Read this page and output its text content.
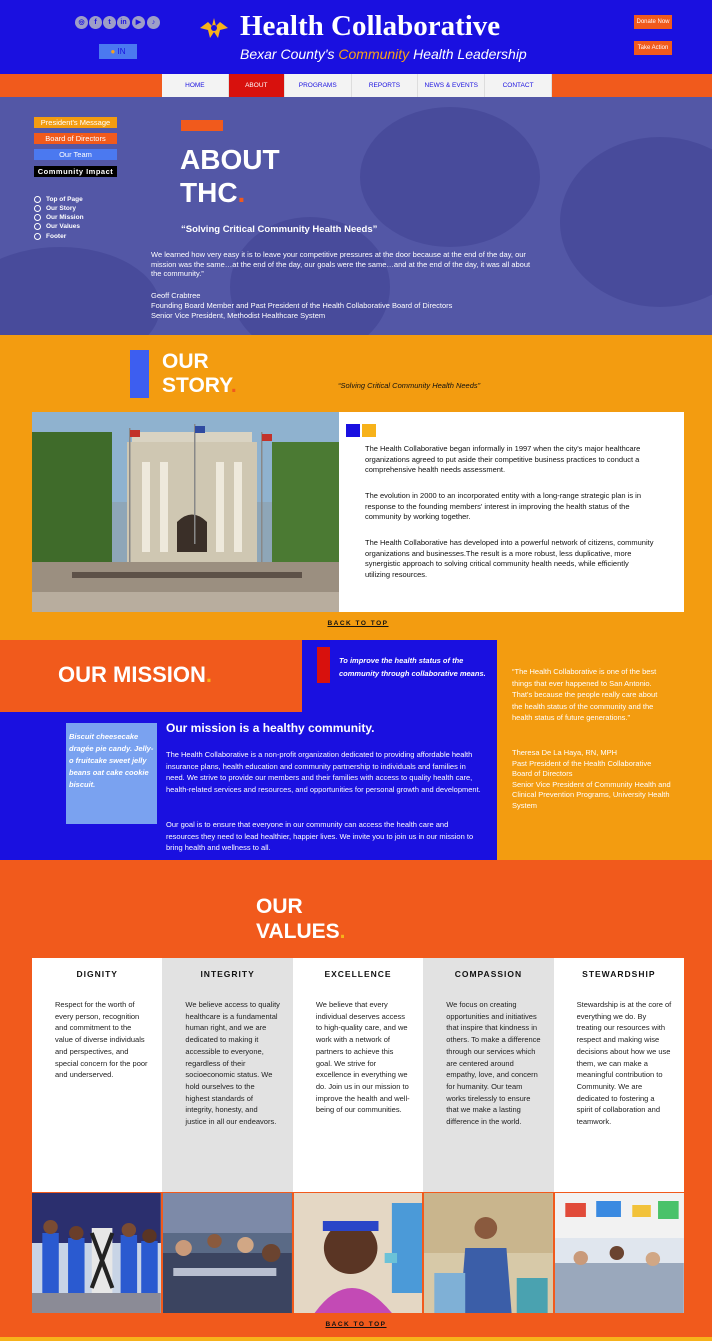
◎	f	t	in	▶	♪
● IN
Health Collaborative
Bexar County's Community Health Leadership
Donate Now
Take Action
HOME	ABOUT	PROGRAMS	REPORTS	NEWS & EVENTS	CONTACT
President's Message
Board of Directors
Our Team
Community Impact
Top of Page
Our Story
Our Mission
Our Values
Footer
ABOUT
THC.
“Solving Critical Community Health Needs”
We learned how very easy it is to leave your competitive pressures at the door because at the end of the day, our mission was the same…at the end of the day, our goals were the same…and at the end of the day, it was all about the community.”
Geoff Crabtree
Founding Board Member and Past President of the Health Collaborative Board of Directors
Senior Vice President, Methodist Healthcare System
OUR
STORY.	“Solving Critical Community Health Needs”
The Health Collaborative began informally in 1997 when the city's major healthcare organizations agreed to put aside their competitive business practices to conduct a comprehensive health needs assessment.
The evolution in 2000 to an incorporated entity with a long-range strategic plan is in response to the founding members' interest in improving the health status of the community by working together.
The Health Collaborative has developed into a powerful network of citizens, community organizations and businesses.The result is a more robust, less duplicative, more synergistic approach to solving critical community health needs, while efficiently utilizing resources.
BACK TO TOP
OUR MISSION.
To improve the health status of the community through collaborative means.
Biscuit cheesecake dragée pie candy. Jelly-o fruitcake sweet jelly beans oat cake cookie biscuit.
Our mission is a healthy community.
The Health Collaborative is a non-profit organization dedicated to providing affordable health insurance plans, health education and community partnership to individuals and families in need. We strive to provide our members and their families with access to quality health care, health-related services and resources, and opportunities for personal growth and development.
Our goal is to ensure that everyone in our community can access the health care and resources they need to lead healthier, happier lives. We invite you to join us in our mission to bring health and wellness to all.
“The Health Collaborative is one of the best things that ever happened to San Antonio. That's because the people really care about the health status of the community and the health status of future generations.”
Theresa De La Haya, RN, MPH
Past President of the Health Collaborative Board of Directors
Senior Vice President of Community Health and Clinical Prevention Programs, University Health System
OUR
VALUES.
DIGNITY

Respect for the worth of every person, recognition and commitment to the value of diverse individuals and perspectives, and special concern for the poor and underserved.

INTEGRITY

We believe access to quality healthcare is a fundamental human right, and we are dedicated to making it accessible to everyone, regardless of their socioeconomic status. We hold ourselves to the highest standards of integrity, honesty, and justice in all our endeavors.

EXCELLENCE

We believe that every individual deserves access to high-quality care, and we work with a network of partners to achieve this goal. We strive for excellence in everything we do. Join us in our mission to improve the health and well-being of our communities.

COMPASSION

We focus on creating opportunities and initiatives that inspire that kindness in others. To make a difference through our services which are centered around empathy, love, and concern for humanity. Our team works tirelessly to ensure that we make a lasting difference in the world.

STEWARDSHIP

Stewardship is at the core of everything we do. By treating our resources with respect and making wise decisions about how we use them, we can make a meaningful contribution to Community. We are dedicated to fostering a spirit of collaboration and teamwork.

BACK TO TOP
